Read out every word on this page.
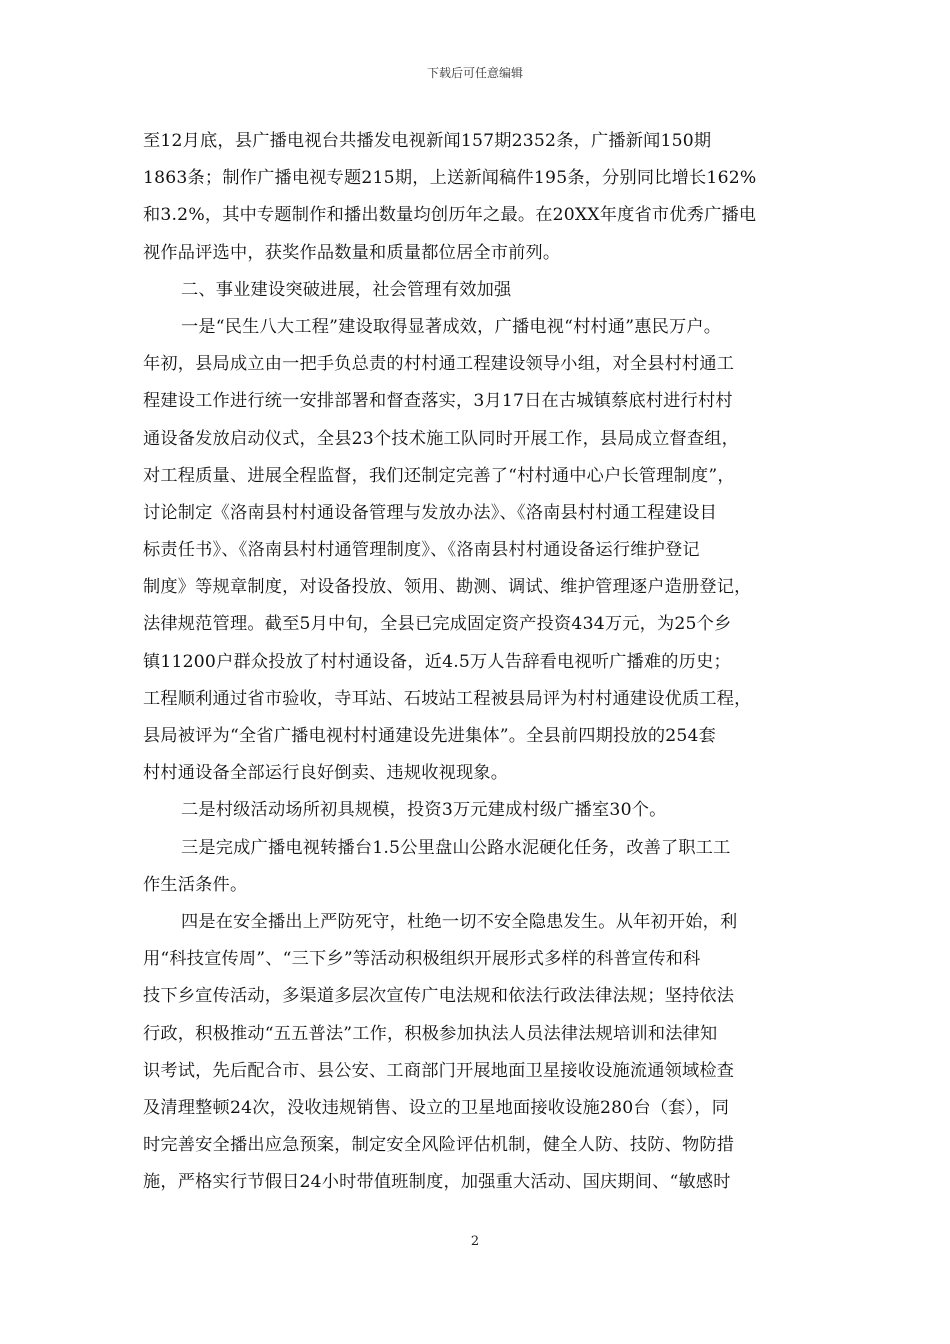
下载后可任意编辑
至12月底，县广播电视台共播发电视新闻157期2352条，广播新闻150期
1863条；制作广播电视专题215期，上送新闻稿件195条，分别同比增长162%
和3.2%，其中专题制作和播出数量均创历年之最。在20XX年度省市优秀广播电
视作品评选中，获奖作品数量和质量都位居全市前列。
二、事业建设突破进展，社会管理有效加强
一是“民生八大工程”建设取得显著成效，广播电视“村村通”惠民万户。
年初，县局成立由一把手负总责的村村通工程建设领导小组，对全县村村通工
程建设工作进行统一安排部署和督查落实，3月17日在古城镇蔡底村进行村村
通设备发放启动仪式，全县23个技术施工队同时开展工作，县局成立督查组，
对工程质量、进展全程监督，我们还制定完善了“村村通中心户长管理制度”，
讨论制定《洛南县村村通设备管理与发放办法》、《洛南县村村通工程建设目
标责任书》、《洛南县村村通管理制度》、《洛南县村村通设备运行维护登记
制度》等规章制度，对设备投放、领用、勘测、调试、维护管理逐户造册登记，
法律规范管理。截至5月中旬，全县已完成固定资产投资434万元，为25个乡
镇11200户群众投放了村村通设备，近4.5万人告辞看电视听广播难的历史；
工程顺利通过省市验收，寺耳站、石坡站工程被县局评为村村通建设优质工程，
县局被评为“全省广播电视村村通建设先进集体”。全县前四期投放的254套
村村通设备全部运行良好倒卖、违规收视现象。
二是村级活动场所初具规模，投资3万元建成村级广播室30个。
三是完成广播电视转播台1.5公里盘山公路水泥硬化任务，改善了职工工
作生活条件。
四是在安全播出上严防死守，杜绝一切不安全隐患发生。从年初开始，利
用“科技宣传周”、“三下乡”等活动积极组织开展形式多样的科普宣传和科
技下乡宣传活动，多渠道多层次宣传广电法规和依法行政法律法规；坚持依法
行政，积极推动“五五普法”工作，积极参加执法人员法律法规培训和法律知
识考试，先后配合市、县公安、工商部门开展地面卫星接收设施流通领域检查
及清理整顿24次，没收违规销售、设立的卫星地面接收设施280台（套），同
时完善安全播出应急预案，制定安全风险评估机制，健全人防、技防、物防措
施，严格实行节假日24小时带值班制度，加强重大活动、国庆期间、“敏感时
2
